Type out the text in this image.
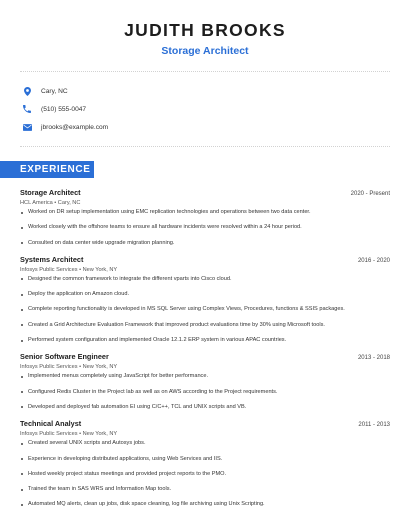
JUDITH BROOKS
Storage Architect
Cary, NC
(510) 555-0047
jbrooks@example.com
EXPERIENCE
Storage Architect	2020 - Present
HCL America • Cary, NC
Worked on DR setup implementation using EMC replication technologies and operations between two data center.
Worked closely with the offshore teams to ensure all hardware incidents were resolved within a 24 hour period.
Consulted on data center wide upgrade migration planning.
Systems Architect	2016 - 2020
Infosys Public Services • New York, NY
Designed the common framework to integrate the different vparts into Cisco cloud.
Deploy the application on Amazon cloud.
Complete reporting functionality is developed in MS SQL Server using Complex Views, Procedures, functions & SSIS packages.
Created a Grid Architecture Evaluation Framework that improved product evaluations time by 30% using Microsoft tools.
Performed system configuration and implemented Oracle 12.1.2 ERP system in various APAC countries.
Senior Software Engineer	2013 - 2018
Infosys Public Services • New York, NY
Implemented menus completely using JavaScript for better performance.
Configured Redis Cluster in the Project lab as well as on AWS according to the Project requirements.
Developed and deployed fab automation EI using C/C++, TCL and UNIX scripts and VB.
Technical Analyst	2011 - 2013
Infosys Public Services • New York, NY
Created several UNIX scripts and Autosys jobs.
Experience in developing distributed applications, using Web Services and IIS.
Hosted weekly project status meetings and provided project reports to the PMO.
Trained the team in SAS WRS and Information Map tools.
Automated MQ alerts, clean up jobs, disk space cleaning, log file archiving using Unix Scripting.
